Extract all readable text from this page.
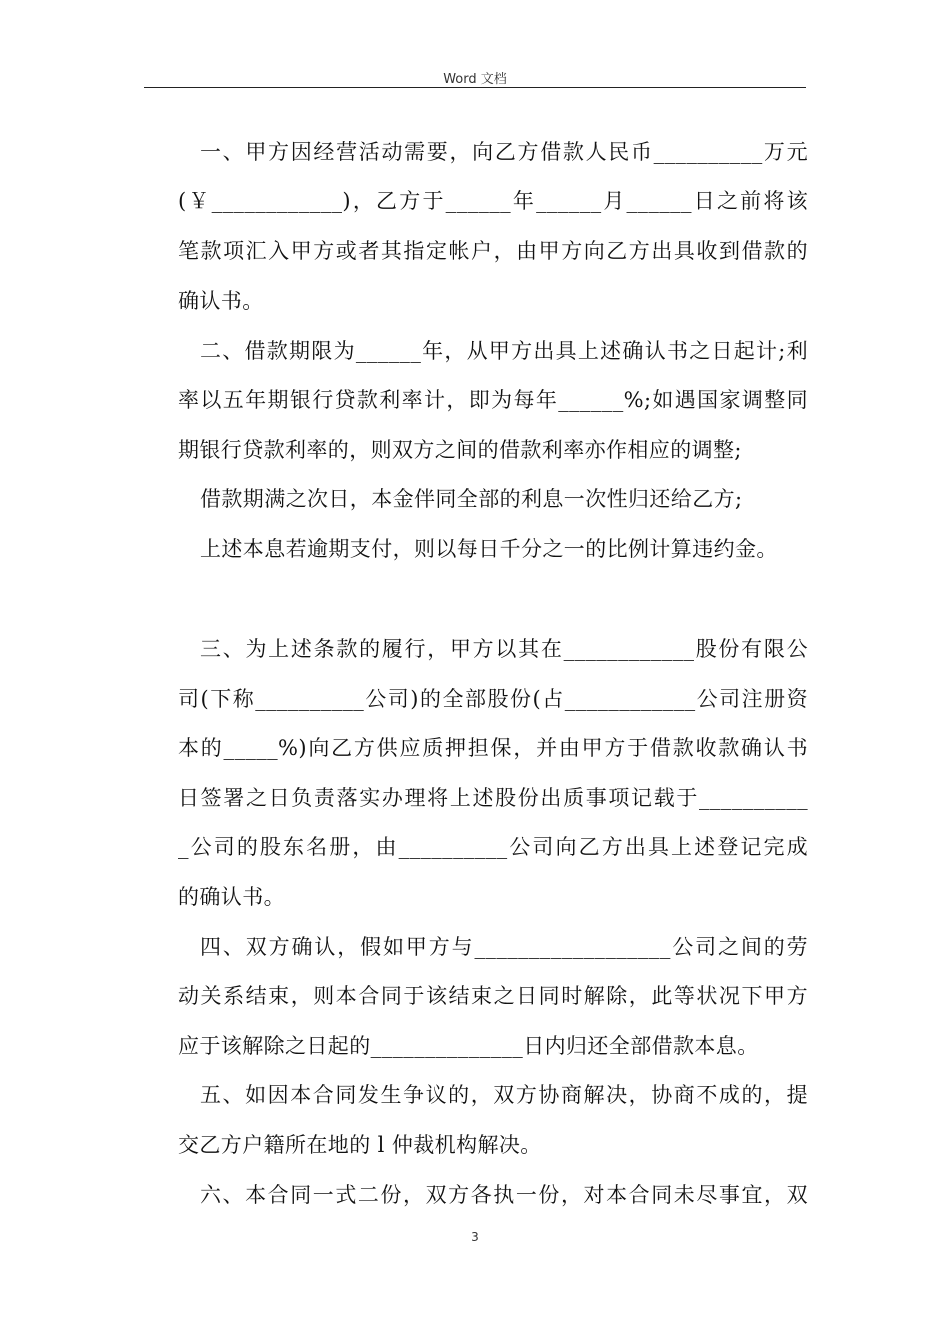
Word 文档
一、甲方因经营活动需要，向乙方借款人民币__________万元
(￥____________)，乙方于______年______月______日之前将该
笔款项汇入甲方或者其指定帐户，由甲方向乙方出具收到借款的
确认书。
二、借款期限为______年，从甲方出具上述确认书之日起计;利
率以五年期银行贷款利率计，即为每年______%;如遇国家调整同
期银行贷款利率的，则双方之间的借款利率亦作相应的调整;
借款期满之次日，本金伴同全部的利息一次性归还给乙方;
上述本息若逾期支付，则以每日千分之一的比例计算违约金。
三、为上述条款的履行，甲方以其在____________股份有限公
司(下称__________公司)的全部股份(占____________公司注册资
本的_____%)向乙方供应质押担保，并由甲方于借款收款确认书
日签署之日负责落实办理将上述股份出质事项记载于__________
_公司的股东名册，由__________公司向乙方出具上述登记完成
的确认书。
四、双方确认，假如甲方与__________________公司之间的劳
动关系结束，则本合同于该结束之日同时解除，此等状况下甲方
应于该解除之日起的______________日内归还全部借款本息。
五、如因本合同发生争议的，双方协商解决，协商不成的，提
交乙方户籍所在地的 l 仲裁机构解决。
六、本合同一式二份，双方各执一份，对本合同未尽事宜，双
3
